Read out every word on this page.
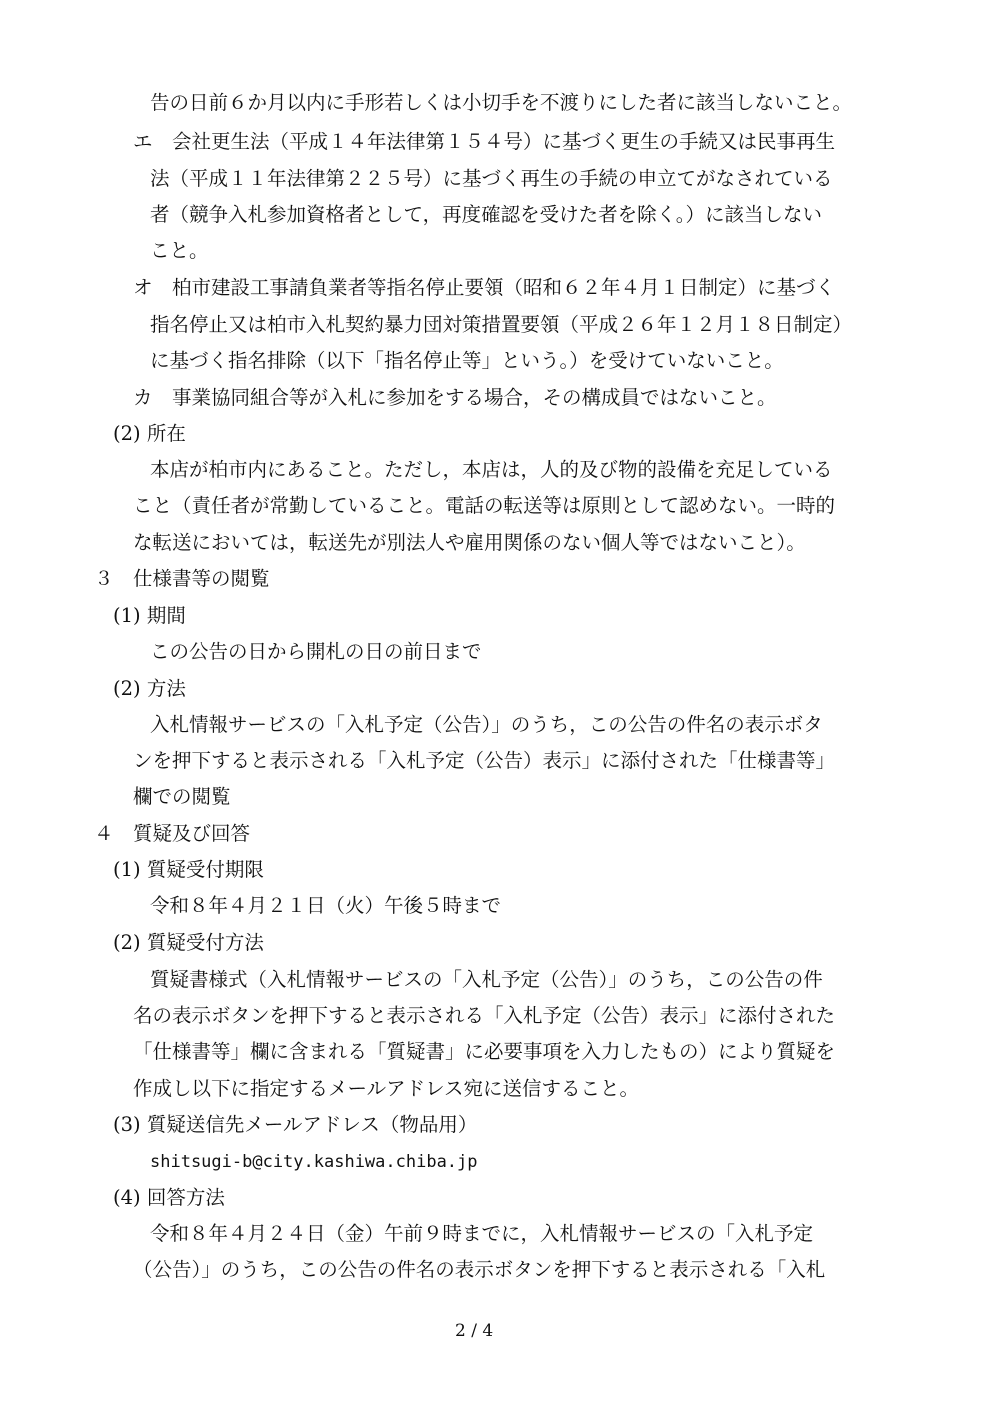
告の日前６か月以内に手形若しくは小切手を不渡りにした者に該当しないこと。
エ　会社更生法（平成１４年法律第１５４号）に基づく更生の手続又は民事再生
法（平成１１年法律第２２５号）に基づく再生の手続の申立てがなされている
者（競争入札参加資格者として，再度確認を受けた者を除く。）に該当しない
こと。
オ　柏市建設工事請負業者等指名停止要領（昭和６２年４月１日制定）に基づく
指名停止又は柏市入札契約暴力団対策措置要領（平成２６年１２月１８日制定）
に基づく指名排除（以下「指名停止等」という。）を受けていないこと。
カ　事業協同組合等が入札に参加をする場合，その構成員ではないこと。
(2) 所在
本店が柏市内にあること。ただし，本店は，人的及び物的設備を充足している
こと（責任者が常勤していること。電話の転送等は原則として認めない。一時的
な転送においては，転送先が別法人や雇用関係のない個人等ではないこと）。
３　仕様書等の閲覧
(1) 期間
この公告の日から開札の日の前日まで
(2) 方法
入札情報サービスの「入札予定（公告）」のうち，この公告の件名の表示ボタ
ンを押下すると表示される「入札予定（公告）表示」に添付された「仕様書等」
欄での閲覧
４　質疑及び回答
(1) 質疑受付期限
令和８年４月２１日（火）午後５時まで
(2) 質疑受付方法
質疑書様式（入札情報サービスの「入札予定（公告）」のうち，この公告の件
名の表示ボタンを押下すると表示される「入札予定（公告）表示」に添付された
「仕様書等」欄に含まれる「質疑書」に必要事項を入力したもの）により質疑を
作成し以下に指定するメールアドレス宛に送信すること。
(3) 質疑送信先メールアドレス（物品用）
shitsugi-b@city.kashiwa.chiba.jp
(4) 回答方法
令和８年４月２４日（金）午前９時までに，入札情報サービスの「入札予定
（公告）」のうち，この公告の件名の表示ボタンを押下すると表示される「入札
2 / 4
